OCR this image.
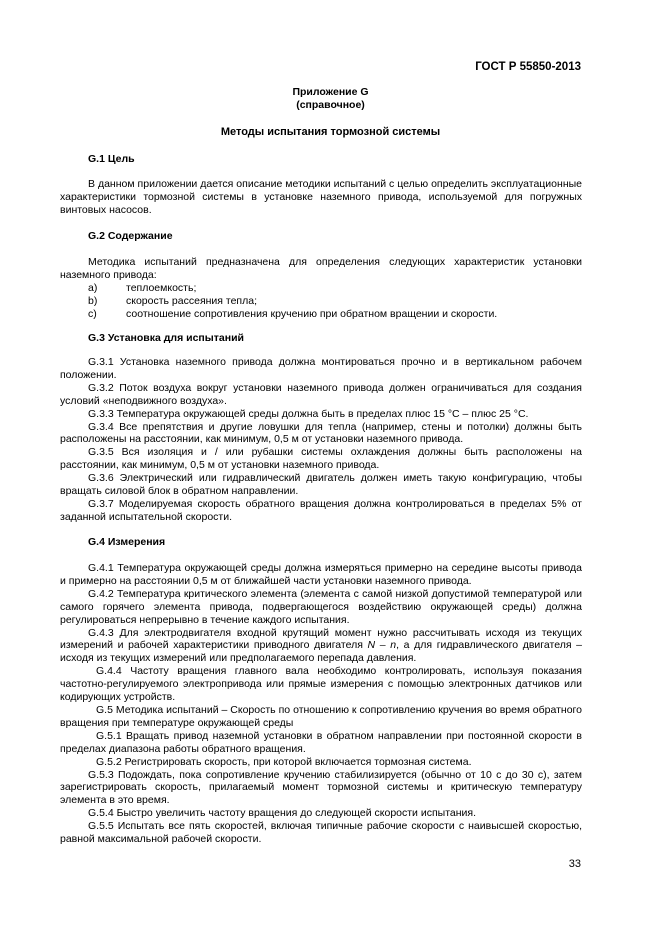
ГОСТ Р 55850-2013
Приложение G
(справочное)
Методы испытания тормозной системы
G.1 Цель

В данном приложении дается описание методики испытаний с целью определить эксплуатационные характеристики тормозной системы в установке наземного привода, используемой для погружных винтовых насосов.

G.2 Содержание

Методика испытаний предназначена для определения следующих характеристик установки наземного привода:

a)	теплоемкость;
b)	скорость рассеяния тепла;
c)	соотношение сопротивления кручению при обратном вращении и скорости.
G.3 Установка для испытаний

G.3.1 Установка наземного привода должна монтироваться прочно и в вертикальном рабочем положении.

G.3.2 Поток воздуха вокруг установки наземного привода должен ограничиваться для создания условий «неподвижного воздуха».

G.3.3 Температура окружающей среды должна быть в пределах плюс 15 °С – плюс 25 °С.

G.3.4 Все препятствия и другие ловушки для тепла (например, стены и потолки) должны быть расположены на расстоянии, как минимум, 0,5 м от установки наземного привода.

G.3.5 Вся изоляция и / или рубашки системы охлаждения должны быть расположены на расстоянии, как минимум, 0,5 м от установки наземного привода.

G.3.6 Электрический или гидравлический двигатель должен иметь такую конфигурацию, чтобы вращать силовой блок в обратном направлении.

G.3.7 Моделируемая скорость обратного вращения должна контролироваться в пределах 5% от заданной испытательной скорости.

G.4 Измерения

G.4.1 Температура окружающей среды должна измеряться примерно на середине высоты привода и примерно на расстоянии 0,5 м от ближайшей части установки наземного привода.

G.4.2 Температура критического элемента (элемента с самой низкой допустимой температурой или самого горячего элемента привода, подвергающегося воздействию окружающей среды) должна регулироваться непрерывно в течение каждого испытания.

G.4.3 Для электродвигателя входной крутящий момент нужно рассчитывать исходя из текущих измерений и рабочей характеристики приводного двигателя N – n, а для гидравлического двигателя – исходя из текущих измерений или предполагаемого перепада давления.

G.4.4 Частоту вращения главного вала необходимо контролировать, используя показания частотно-регулируемого электропривода или прямые измерения с помощью электронных датчиков или кодирующих устройств.

G.5 Методика испытаний – Скорость по отношению к сопротивлению кручения во время обратного вращения при температуре окружающей среды

G.5.1 Вращать привод наземной установки в обратном направлении при постоянной скорости в пределах диапазона работы обратного вращения.

G.5.2 Регистрировать скорость, при которой включается тормозная система.

G.5.3 Подождать, пока сопротивление кручению стабилизируется (обычно от 10 с до 30 с), затем зарегистрировать скорость, прилагаемый момент тормозной системы и критическую температуру элемента в это время.

G.5.4 Быстро увеличить частоту вращения до следующей скорости испытания.

G.5.5 Испытать все пять скоростей, включая типичные рабочие скорости с наивысшей скоростью, равной максимальной рабочей скорости.

33
